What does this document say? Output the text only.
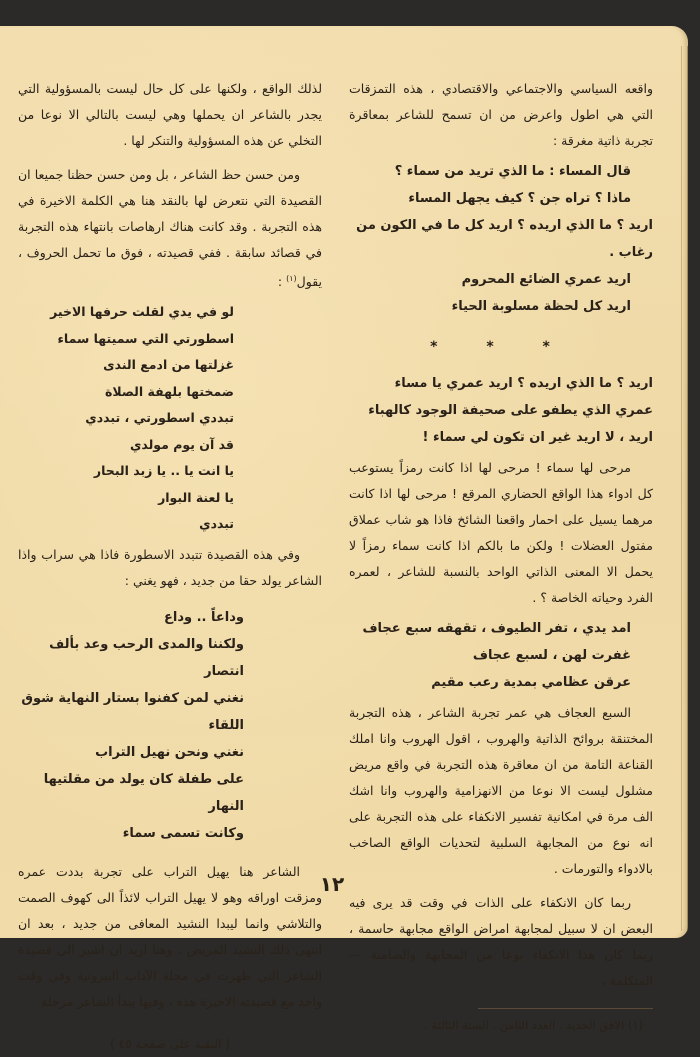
واقعه السياسي والاجتماعي والاقتصادي ، هذه التمزقات التي هي اطول واعرض من ان تسمح للشاعر بمعاقرة تجربة ذاتية مغرقة :

قال المساء : ما الذي تريد من سماء ؟
ماذا ؟ تراه جن ؟ كيف يجهل المساء
اريد ؟ ما الذي اريده ؟ اريد كل ما في الكون من رغاب .
اريد عمري الضائع المحروم
اريد كل لحظة مسلوبة الحياء
* * *
اريد ؟ ما الذي اريده ؟ اريد عمري يا مساء
عمري الذي يطفو على صحيفة الوجود كالهباء
اريد ، لا اريد غير ان تكون لي سماء !

مرحى لها سماء ! مرحى لها اذا كانت رمزاً يستوعب كل ادواء هذا الواقع الحضاري المرقع ! مرحى لها اذا كانت مرهما يسيل على احمار واقعنا الشائخ فاذا هو شاب عملاق مفتول العضلات ! ولكن ما بالكم اذا كانت سماء رمزاً لا يحمل الا المعنى الذاتي الواحد بالنسبة للشاعر ، لعمره الفرد وحياته الخاصة ؟ .

امد يدي ، تفر الطيوف ، تقهقه سبع عجاف
غفرت لهن ، لسبع عجاف
عرقن عظامي بمدية رعب مقيم

السبع العجاف هي عمر تجربة الشاعر ، هذه التجربة المختنقة بروائح الذاتية والهروب ، اقول الهروب وانا املك القناعة التامة من ان معاقرة هذه التجربة في واقع مريض مشلول ليست الا نوعا من الانهزامية والهروب وانا اشك الف مرة في امكانية تفسير الانكفاء على هذه التجربة على انه نوع من المجابهة السلبية لتحديات الواقع الصاخب بالادواء والتورمات .

ربما كان الانكفاء على الذات في وقت قد يرى فيه البعض ان لا سبيل لمجابهة امراض الواقع مجابهة حاسمة ، ربما كان هذا الانكفاء نوعا من المجابهة والصامتة — المتكلمة ،

(١) الافق الجديد . العدد الثامن . السنة الثالثة .

لذلك الواقع ، ولكنها على كل حال ليست بالمسؤولية التي يجدر بالشاعر ان يحملها وهي ليست بالتالي الا نوعا من التخلي عن هذه المسؤولية والتنكر لها .

ومن حسن حظ الشاعر ، بل ومن حسن حظنا جميعا ان القصيدة التي نتعرض لها بالنقد هنا هي الكلمة الاخيرة في هذه التجربة . وقد كانت هناك ارهاصات بانتهاء هذه التجربة في قصائد سابقة . ففي قصيدته ، فوق ما تحمل الحروف ، يقول$^{(١)}$ :

لو في يدي لقلت حرفها الاخير
اسطورتي التي سميتها سماء
غزلتها من ادمع الندى
ضمختها بلهفة الصلاة
تبددي اسطورتي ، تبددي
قد آن يوم مولدي
يا انت يا .. يا زبد البحار
يا لعنة البوار
تبددي

وفي هذه القصيدة تتبدد الاسطورة فاذا هي سراب واذا الشاعر يولد حقا من جديد ، فهو يغني :

وداعاً .. وداع
ولكننا والمدى الرحب وعد بألف انتصار
نغني لمن كفنوا بستار النهاية شوق اللقاء
نغني ونحن نهيل التراب
على طفلة كان يولد من مقلتيها النهار
وكانت تسمى سماء

الشاعر هنا يهيل التراب على تجربة بددت عمره ومزقت اوراقه وهو لا يهيل التراب لائذاً الى كهوف الصمت والتلاشي وانما ليبدا النشيد المعافى من جديد ، بعد ان انتهى ذلك النشيد المريض ، وهنا اريد ان اشير الى قصيدة الشاعر التي ظهرت في مجلة الآداب البيروتية وفي وقت واحد مع قصيدته الاخيرة هذه ، وفيها يبدأ الشاعر مرحلة

( البقية على صفحة ٤٥ )
١٢
